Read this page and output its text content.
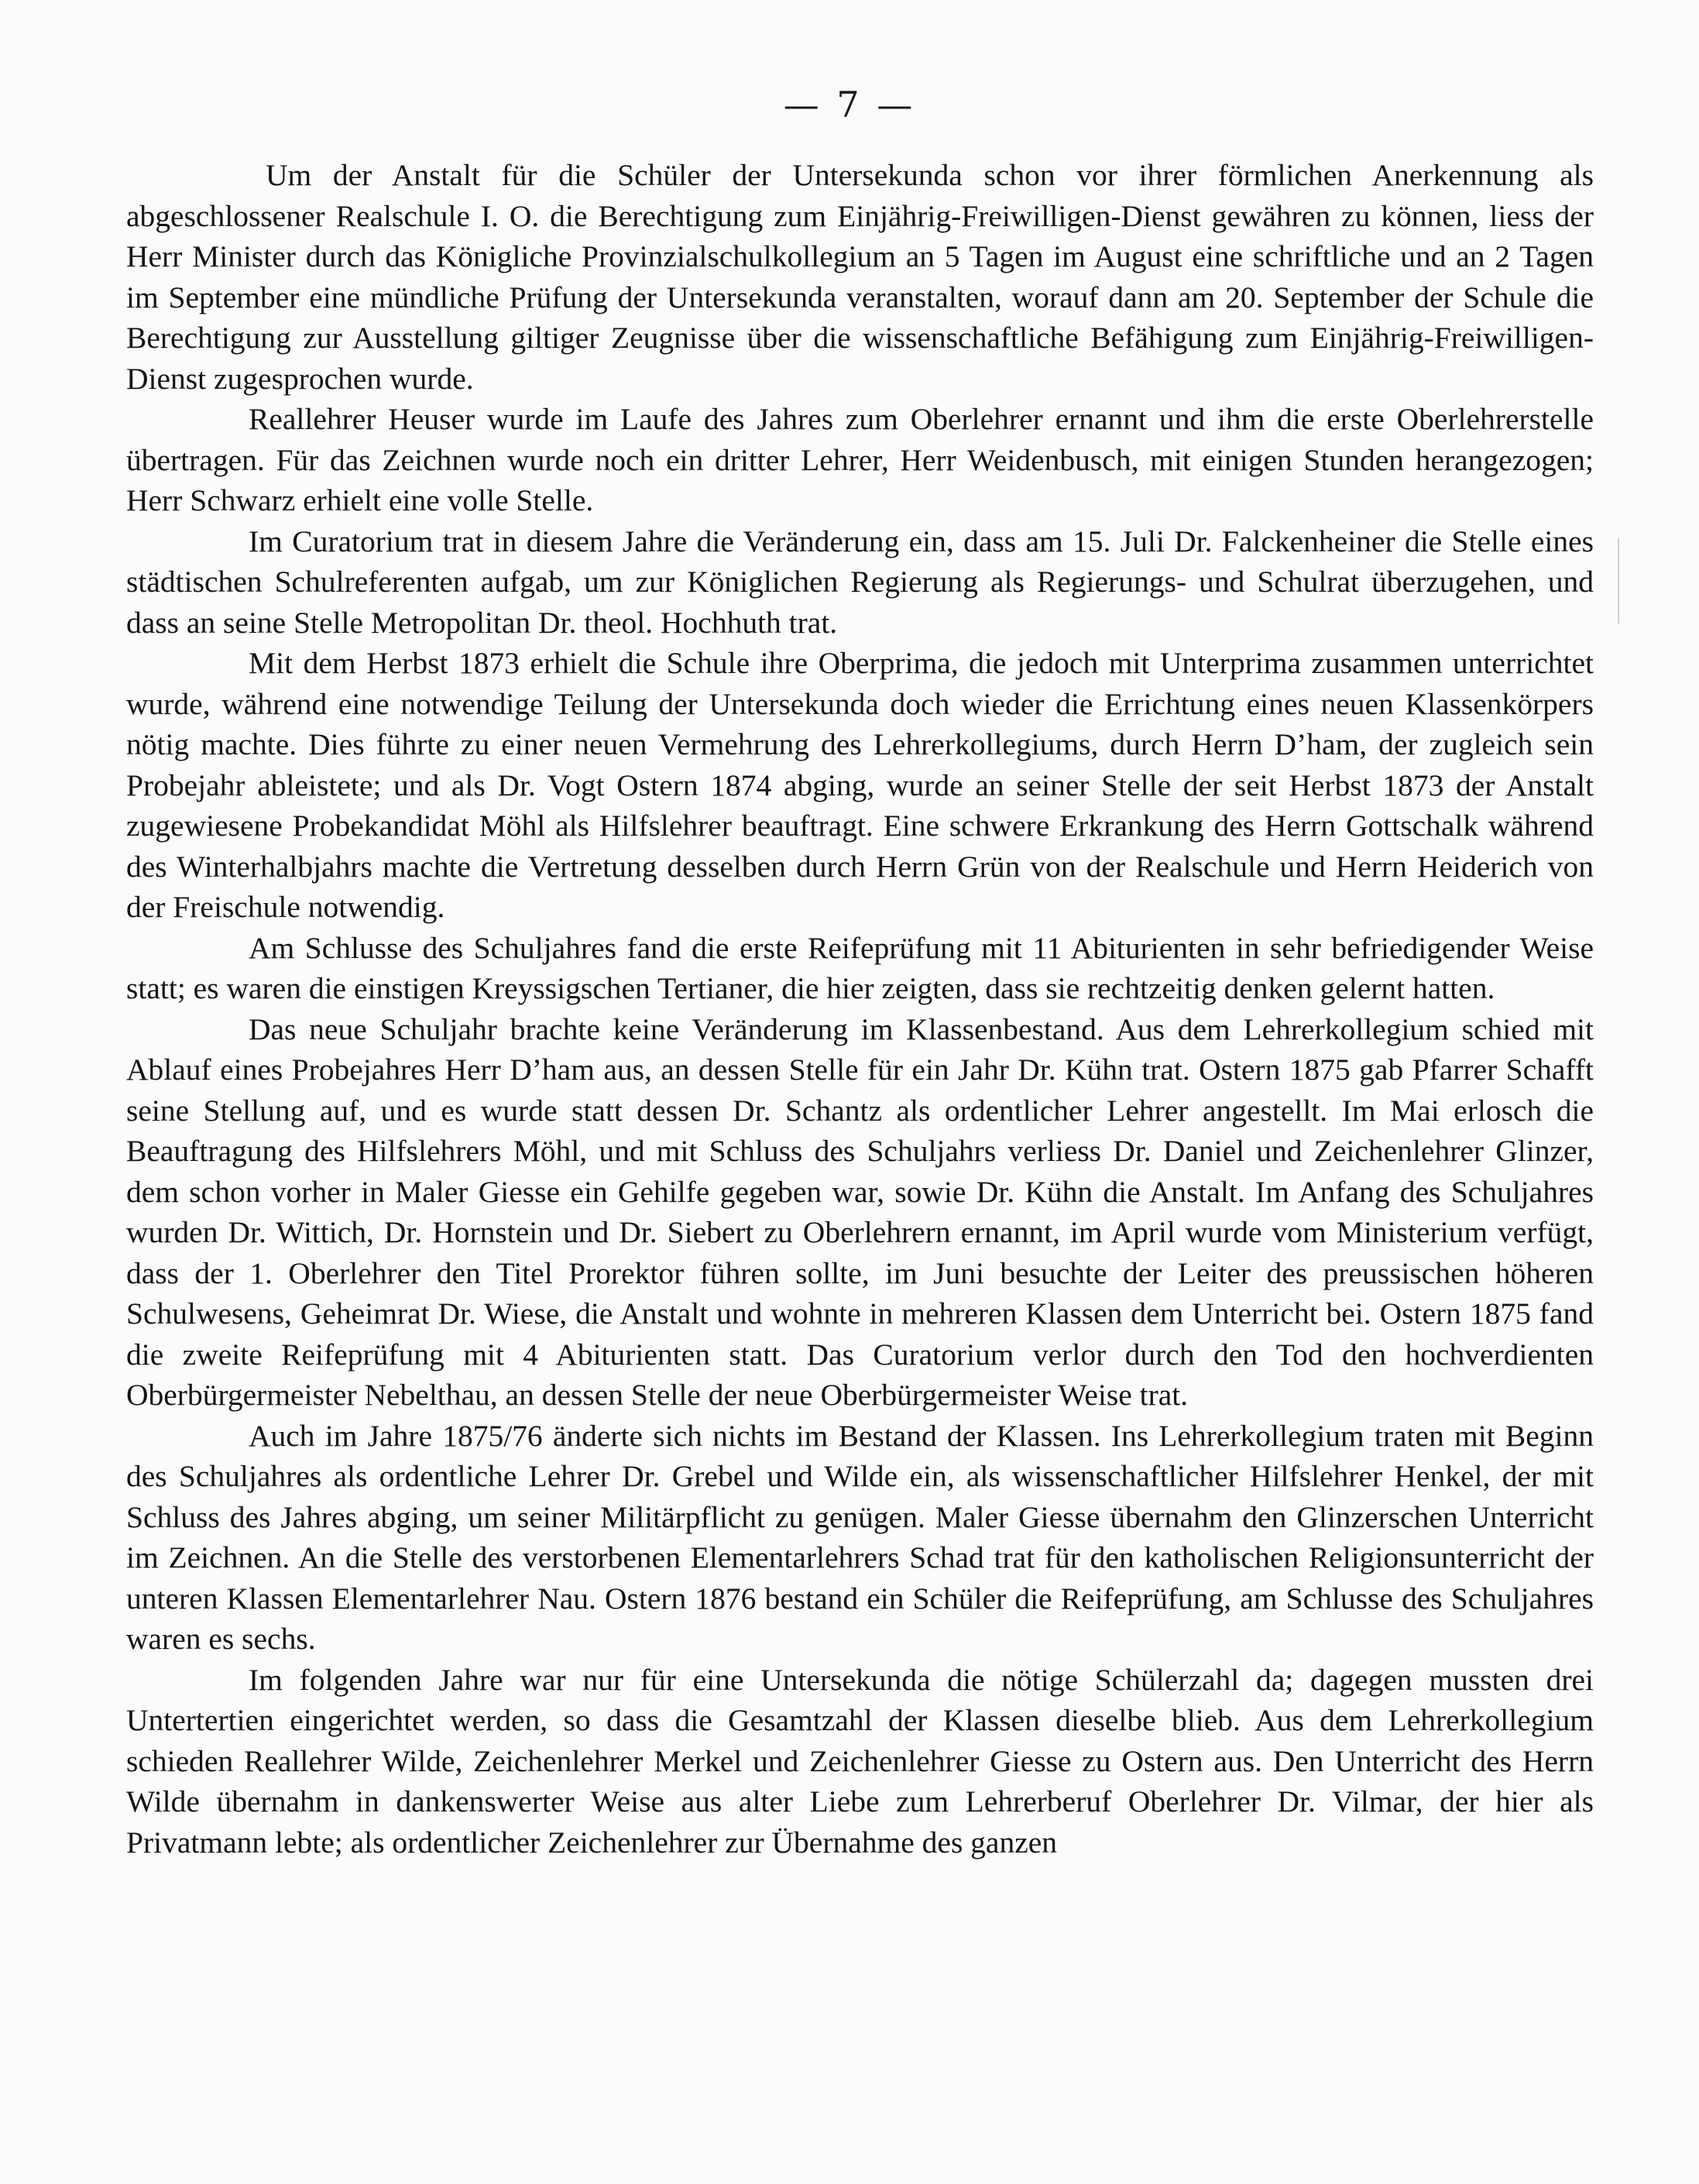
— 7 —

Um der Anstalt für die Schüler der Untersekunda schon vor ihrer förmlichen Anerkennung als abgeschlossener Realschule I. O. die Berechtigung zum Einjährig-Freiwilligen-Dienst gewähren zu können, liess der Herr Minister durch das Königliche Provinzialschulkollegium an 5 Tagen im August eine schriftliche und an 2 Tagen im September eine mündliche Prüfung der Untersekunda veranstalten, worauf dann am 20. September der Schule die Berechtigung zur Ausstellung giltiger Zeugnisse über die wissenschaftliche Befähigung zum Einjährig-Freiwilligen-Dienst zugesprochen wurde.

Reallehrer Heuser wurde im Laufe des Jahres zum Oberlehrer ernannt und ihm die erste Oberlehrerstelle übertragen. Für das Zeichnen wurde noch ein dritter Lehrer, Herr Weidenbusch, mit einigen Stunden herangezogen; Herr Schwarz erhielt eine volle Stelle.

Im Curatorium trat in diesem Jahre die Veränderung ein, dass am 15. Juli Dr. Falckenheiner die Stelle eines städtischen Schulreferenten aufgab, um zur Königlichen Regierung als Regierungs- und Schulrat überzugehen, und dass an seine Stelle Metropolitan Dr. theol. Hochhuth trat.

Mit dem Herbst 1873 erhielt die Schule ihre Oberprima, die jedoch mit Unterprima zusammen unterrichtet wurde, während eine notwendige Teilung der Untersekunda doch wieder die Errichtung eines neuen Klassenkörpers nötig machte. Dies führte zu einer neuen Vermehrung des Lehrerkollegiums, durch Herrn D’ham, der zugleich sein Probejahr ableistete; und als Dr. Vogt Ostern 1874 abging, wurde an seiner Stelle der seit Herbst 1873 der Anstalt zugewiesene Probekandidat Möhl als Hilfslehrer beauftragt. Eine schwere Erkrankung des Herrn Gottschalk während des Winterhalbjahrs machte die Vertretung desselben durch Herrn Grün von der Realschule und Herrn Heiderich von der Freischule notwendig.

Am Schlusse des Schuljahres fand die erste Reifeprüfung mit 11 Abiturienten in sehr befriedigender Weise statt; es waren die einstigen Kreyssigschen Tertianer, die hier zeigten, dass sie rechtzeitig denken gelernt hatten.

Das neue Schuljahr brachte keine Veränderung im Klassenbestand. Aus dem Lehrerkollegium schied mit Ablauf eines Probejahres Herr D’ham aus, an dessen Stelle für ein Jahr Dr. Kühn trat. Ostern 1875 gab Pfarrer Schafft seine Stellung auf, und es wurde statt dessen Dr. Schantz als ordentlicher Lehrer angestellt. Im Mai erlosch die Beauftragung des Hilfslehrers Möhl, und mit Schluss des Schuljahrs verliess Dr. Daniel und Zeichenlehrer Glinzer, dem schon vorher in Maler Giesse ein Gehilfe gegeben war, sowie Dr. Kühn die Anstalt. Im Anfang des Schuljahres wurden Dr. Wittich, Dr. Hornstein und Dr. Siebert zu Oberlehrern ernannt, im April wurde vom Ministerium verfügt, dass der 1. Oberlehrer den Titel Prorektor führen sollte, im Juni besuchte der Leiter des preussischen höheren Schulwesens, Geheimrat Dr. Wiese, die Anstalt und wohnte in mehreren Klassen dem Unterricht bei. Ostern 1875 fand die zweite Reifeprüfung mit 4 Abiturienten statt. Das Curatorium verlor durch den Tod den hochverdienten Oberbürgermeister Nebelthau, an dessen Stelle der neue Oberbürgermeister Weise trat.

Auch im Jahre 1875/76 änderte sich nichts im Bestand der Klassen. Ins Lehrerkollegium traten mit Beginn des Schuljahres als ordentliche Lehrer Dr. Grebel und Wilde ein, als wissenschaftlicher Hilfslehrer Henkel, der mit Schluss des Jahres abging, um seiner Militärpflicht zu genügen. Maler Giesse übernahm den Glinzerschen Unterricht im Zeichnen. An die Stelle des verstorbenen Elementarlehrers Schad trat für den katholischen Religionsunterricht der unteren Klassen Elementarlehrer Nau. Ostern 1876 bestand ein Schüler die Reifeprüfung, am Schlusse des Schuljahres waren es sechs.

Im folgenden Jahre war nur für eine Untersekunda die nötige Schülerzahl da; dagegen mussten drei Untertertien eingerichtet werden, so dass die Gesamtzahl der Klassen dieselbe blieb. Aus dem Lehrerkollegium schieden Reallehrer Wilde, Zeichenlehrer Merkel und Zeichenlehrer Giesse zu Ostern aus. Den Unterricht des Herrn Wilde übernahm in dankenswerter Weise aus alter Liebe zum Lehrerberuf Oberlehrer Dr. Vilmar, der hier als Privatmann lebte; als ordentlicher Zeichenlehrer zur Übernahme des ganzen
